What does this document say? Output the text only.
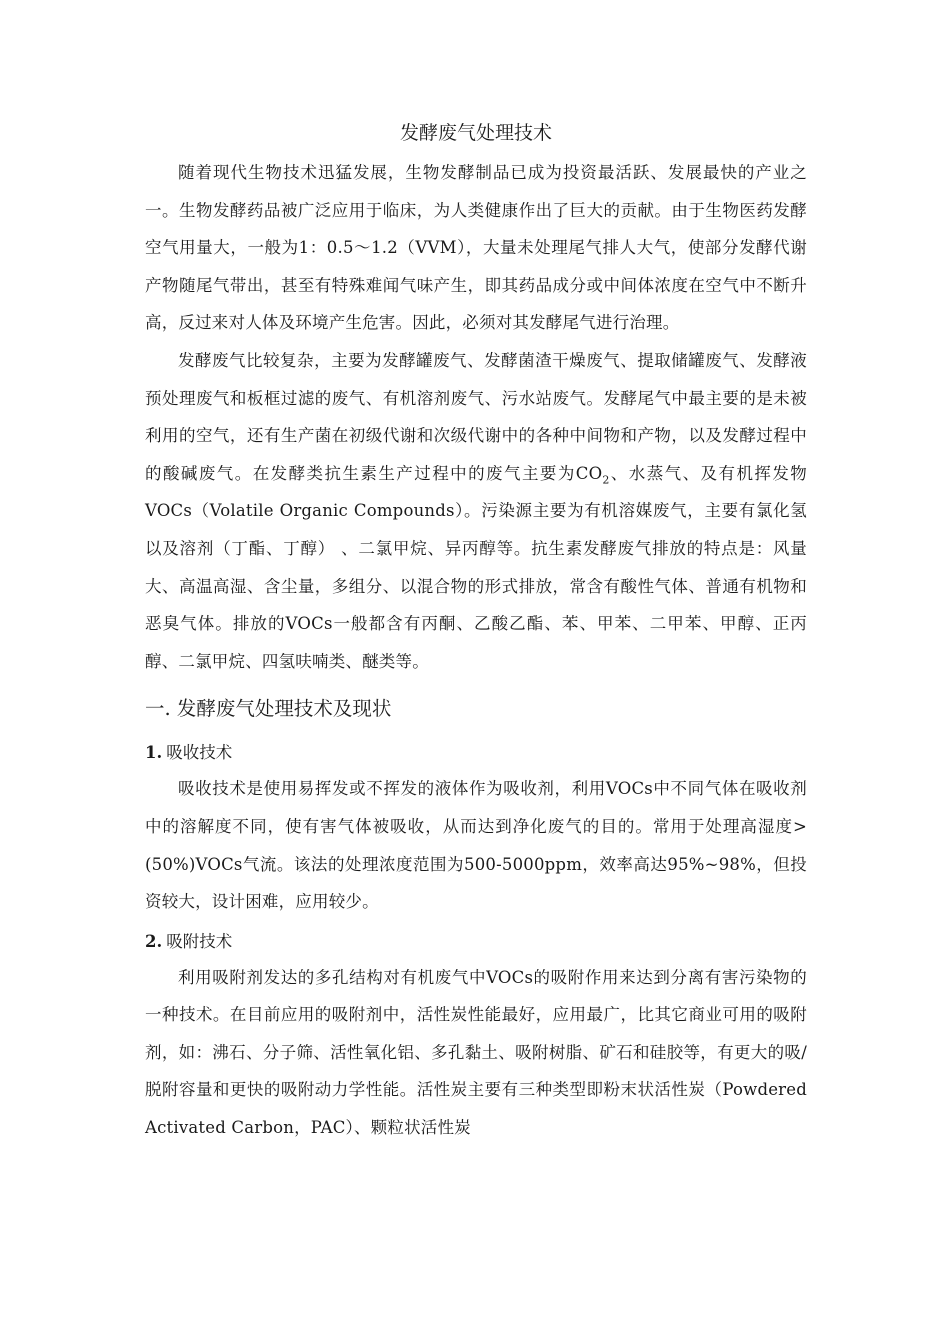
发酵废气处理技术

随着现代生物技术迅猛发展，生物发酵制品已成为投资最活跃、发展最快的产业之一。生物发酵药品被广泛应用于临床，为人类健康作出了巨大的贡献。由于生物医药发酵空气用量大，一般为1：0.5～1.2（VVM），大量未处理尾气排人大气，使部分发酵代谢产物随尾气带出，甚至有特殊难闻气味产生，即其药品成分或中间体浓度在空气中不断升高，反过来对人体及环境产生危害。因此，必须对其发酵尾气进行治理。

发酵废气比较复杂，主要为发酵罐废气、发酵菌渣干燥废气、提取储罐废气、发酵液预处理废气和板框过滤的废气、有机溶剂废气、污水站废气。发酵尾气中最主要的是未被利用的空气，还有生产菌在初级代谢和次级代谢中的各种中间物和产物，以及发酵过程中的酸碱废气。在发酵类抗生素生产过程中的废气主要为$CO_2$、水蒸气、及有机挥发物VOCs（Volatile Organic Compounds）。污染源主要为有机溶媒废气，主要有氯化氢以及溶剂（丁酯、丁醇） 、二氯甲烷、异丙醇等。抗生素发酵废气排放的特点是：风量大、高温高湿、含尘量，多组分、以混合物的形式排放，常含有酸性气体、普通有机物和恶臭气体。排放的VOCs一般都含有丙酮、乙酸乙酯、苯、甲苯、二甲苯、甲醇、正丙醇、二氯甲烷、四氢呋喃类、醚类等。

一. 发酵废气处理技术及现状
1. 吸收技术

吸收技术是使用易挥发或不挥发的液体作为吸收剂，利用VOCs中不同气体在吸收剂中的溶解度不同，使有害气体被吸收，从而达到净化废气的目的。常用于处理高湿度>(50%)VOCs气流。该法的处理浓度范围为500-5000ppm，效率高达95%~98%，但投资较大，设计困难，应用较少。

2. 吸附技术

利用吸附剂发达的多孔结构对有机废气中VOCs的吸附作用来达到分离有害污染物的一种技术。在目前应用的吸附剂中，活性炭性能最好，应用最广，比其它商业可用的吸附剂，如：沸石、分子筛、活性氧化铝、多孔黏土、吸附树脂、矿石和硅胶等，有更大的吸/脱附容量和更快的吸附动力学性能。活性炭主要有三种类型即粉末状活性炭（Powdered Activated Carbon，PAC）、颗粒状活性炭
